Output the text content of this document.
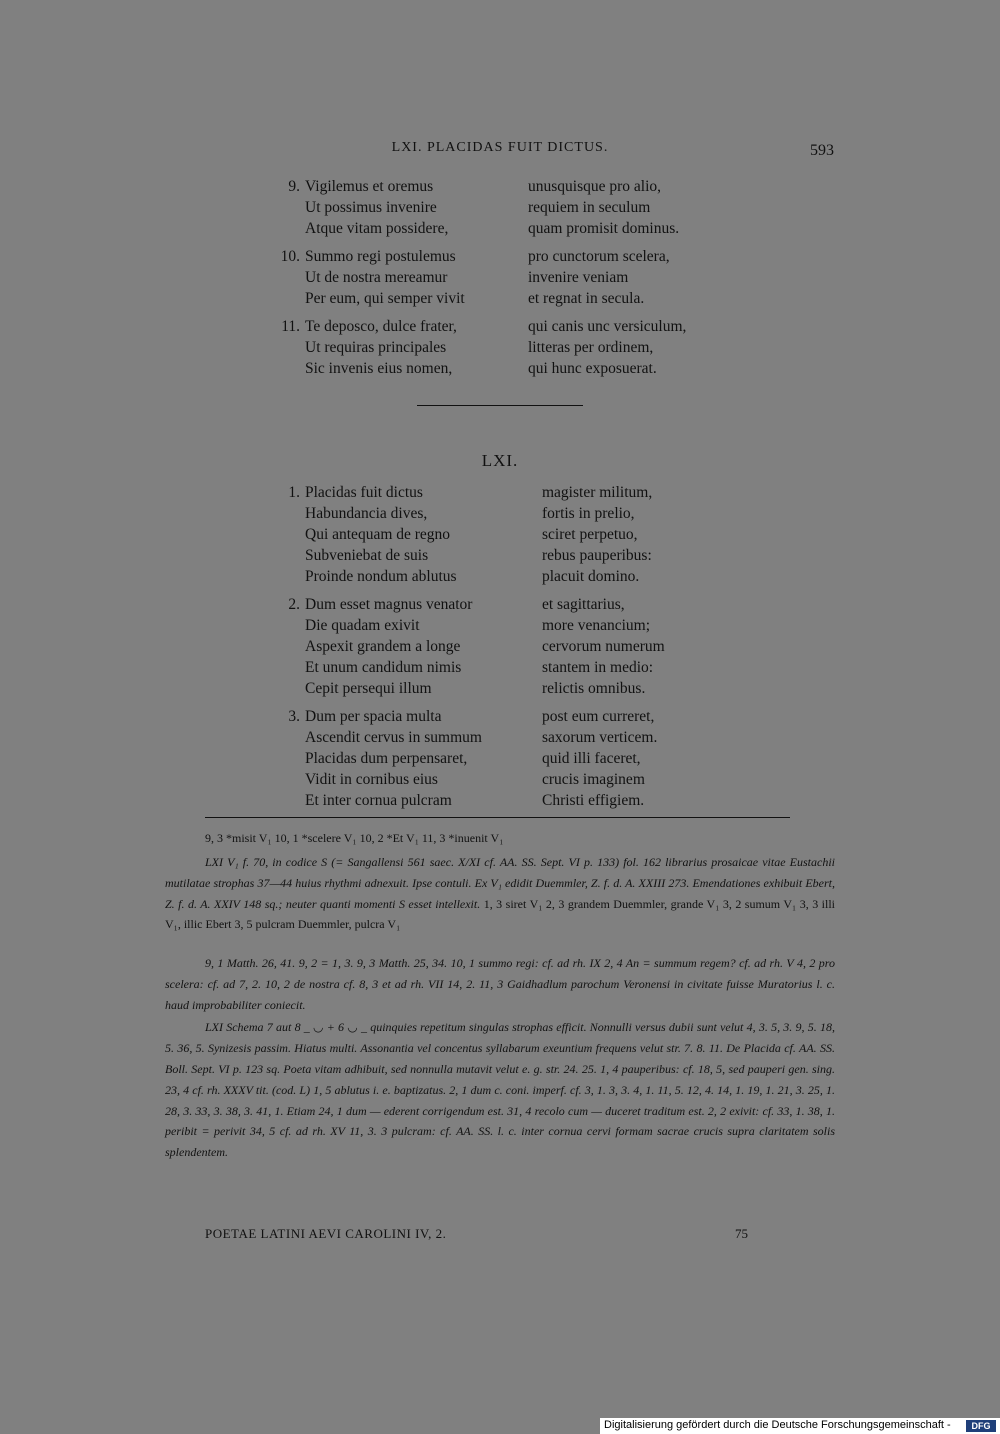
LXI. PLACIDAS FUIT DICTUS.	593
9. Vigilemus et oremus	unusquisque pro alio,
Ut possimus invenire	requiem in seculum
Atque vitam possidere,	quam promisit dominus.
10. Summo regi postulemus	pro cunctorum scelera,
Ut de nostra mereamur	invenire veniam
Per eum, qui semper vivit	et regnat in secula.
11. Te deposco, dulce frater,	qui canis unc versiculum,
Ut requiras principales	litteras per ordinem,
Sic invenis eius nomen,	qui hunc exposuerat.
LXI.
1. Placidas fuit dictus	magister militum,
Habundancia dives,	fortis in prelio,
Qui antequam de regno	sciret perpetuo,
Subveniebat de suis	rebus pauperibus:
Proinde nondum ablutus	placuit domino.
2. Dum esset magnus venator	et sagittarius,
Die quadam exivit	more venancium;
Aspexit grandem a longe	cervorum numerum
Et unum candidum nimis	stantem in medio:
Cepit persequi illum	relictis omnibus.
3. Dum per spacia multa	post eum curreret,
Ascendit cervus in summum	saxorum verticem.
Placidas dum perpensaret,	quid illi faceret,
Vidit in cornibus eius	crucis imaginem
Et inter cornua pulcram	Christi effigiem.

9, 3 *misit V₁ 10, 1 *scelere V₁ 10, 2 *Et V₁ 11, 3 *inuenit V₁

LXI V₁ f. 70, in codice S (= Sangallensi 561 saec. X/XI cf. AA. SS. Sept. VI p. 133) fol. 162 librarius prosaicae vitae Eustachii mutilatae strophas 37—44 huius rhythmi adnexuit. Ipse contuli. Ex V₁ edidit Duemmler, Z. f. d. A. XXIII 273. Emendationes exhibuit Ebert, Z. f. d. A. XXIV 148 sq.; neuter quanti momenti S esset intellexit. 1, 3 siret V₁ 2, 3 grandem Duemmler, grande V₁ 3, 2 sumum V₁ 3, 3 illi V₁, illic Ebert 3, 5 pulcram Duemmler, pulcra V₁

9, 1 Matth. 26, 41. 9, 2 = 1, 3. 9, 3 Matth. 25, 34. 10, 1 summo regi: cf. ad rh. IX 2, 4 An = summum regem? cf. ad rh. V 4, 2 pro scelera: cf. ad 7, 2. 10, 2 de nostra cf. 8, 3 et ad rh. VII 14, 2. 11, 3 Gaidhadlum parochum Veronensi in civitate fuisse Muratorius l. c. haud improbabiliter coniecit.

LXI Schema 7 aut 8 _ ◡ + 6 ◡ _ quinquies repetitum singulas strophas efficit. Nonnulli versus dubii sunt velut 4, 3. 5, 3. 9, 5. 18, 5. 36, 5. Synizesis passim. Hiatus multi. Assonantia vel concentus syllabarum exeuntium frequens velut str. 7. 8. 11. De Placida cf. AA. SS. Boll. Sept. VI p. 123 sq. Poeta vitam adhibuit, sed nonnulla mutavit velut e. g. str. 24. 25. 1, 4 pauperibus: cf. 18, 5, sed pauperi gen. sing. 23, 4 cf. rh. XXXV tit. (cod. L) 1, 5 ablutus i. e. baptizatus. 2, 1 dum c. coni. imperf. cf. 3, 1. 3, 3. 4, 1. 11, 5. 12, 4. 14, 1. 19, 1. 21, 3. 25, 1. 28, 3. 33, 3. 38, 3. 41, 1. Etiam 24, 1 dum — ederent corrigendum est. 31, 4 recolo cum — duceret traditum est. 2, 2 exivit: cf. 33, 1. 38, 1. peribit = perivit 34, 5 cf. ad rh. XV 11, 3. 3 pulcram: cf. AA. SS. l. c. inter cornua cervi formam sacrae crucis supra claritatem solis splendentem.

POETAE LATINI AEVI CAROLINI IV, 2.	75
Digitalisierung gefördert durch die Deutsche Forschungsgemeinschaft -	DFG
